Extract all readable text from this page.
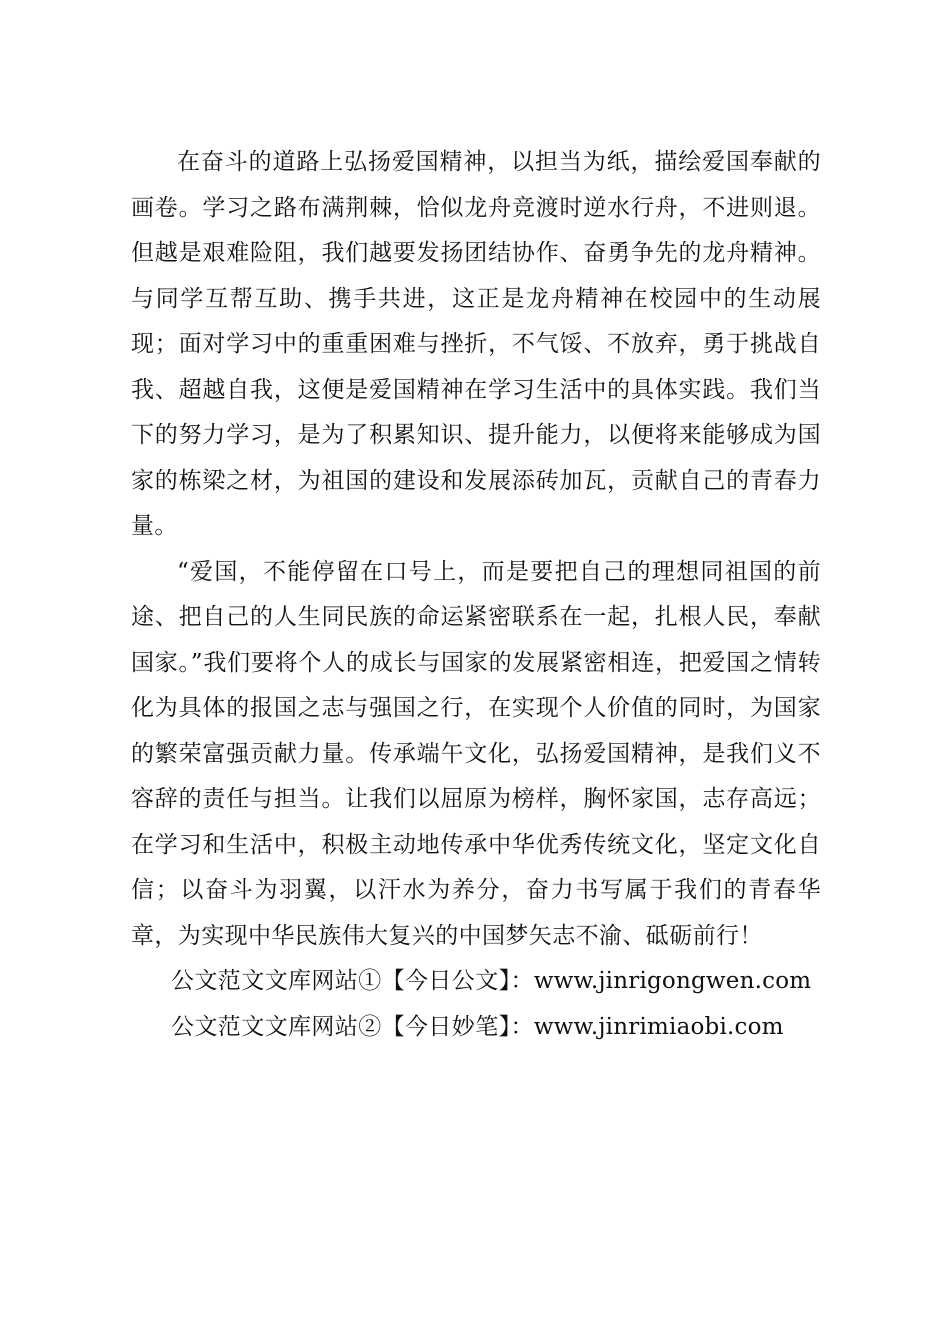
在奋斗的道路上弘扬爱国精神，以担当为纸，描绘爱国奉献的画卷。学习之路布满荆棘，恰似龙舟竞渡时逆水行舟，不进则退。但越是艰难险阻，我们越要发扬团结协作、奋勇争先的龙舟精神。与同学互帮互助、携手共进，这正是龙舟精神在校园中的生动展现；面对学习中的重重困难与挫折，不气馁、不放弃，勇于挑战自我、超越自我，这便是爱国精神在学习生活中的具体实践。我们当下的努力学习，是为了积累知识、提升能力，以便将来能够成为国家的栋梁之材，为祖国的建设和发展添砖加瓦，贡献自己的青春力量。

“爱国，不能停留在口号上，而是要把自己的理想同祖国的前途、把自己的人生同民族的命运紧密联系在一起，扎根人民，奉献国家。”我们要将个人的成长与国家的发展紧密相连，把爱国之情转化为具体的报国之志与强国之行，在实现个人价值的同时，为国家的繁荣富强贡献力量。传承端午文化，弘扬爱国精神，是我们义不容辞的责任与担当。让我们以屈原为榜样，胸怀家国，志存高远；在学习和生活中，积极主动地传承中华优秀传统文化，坚定文化自信；以奋斗为羽翼，以汗水为养分，奋力书写属于我们的青春华章，为实现中华民族伟大复兴的中国梦矢志不渝、砥砺前行！

公文范文文库网站①【今日公文】：www.jinrigongwen.com

公文范文文库网站②【今日妙笔】：www.jinrimiaobi.com
